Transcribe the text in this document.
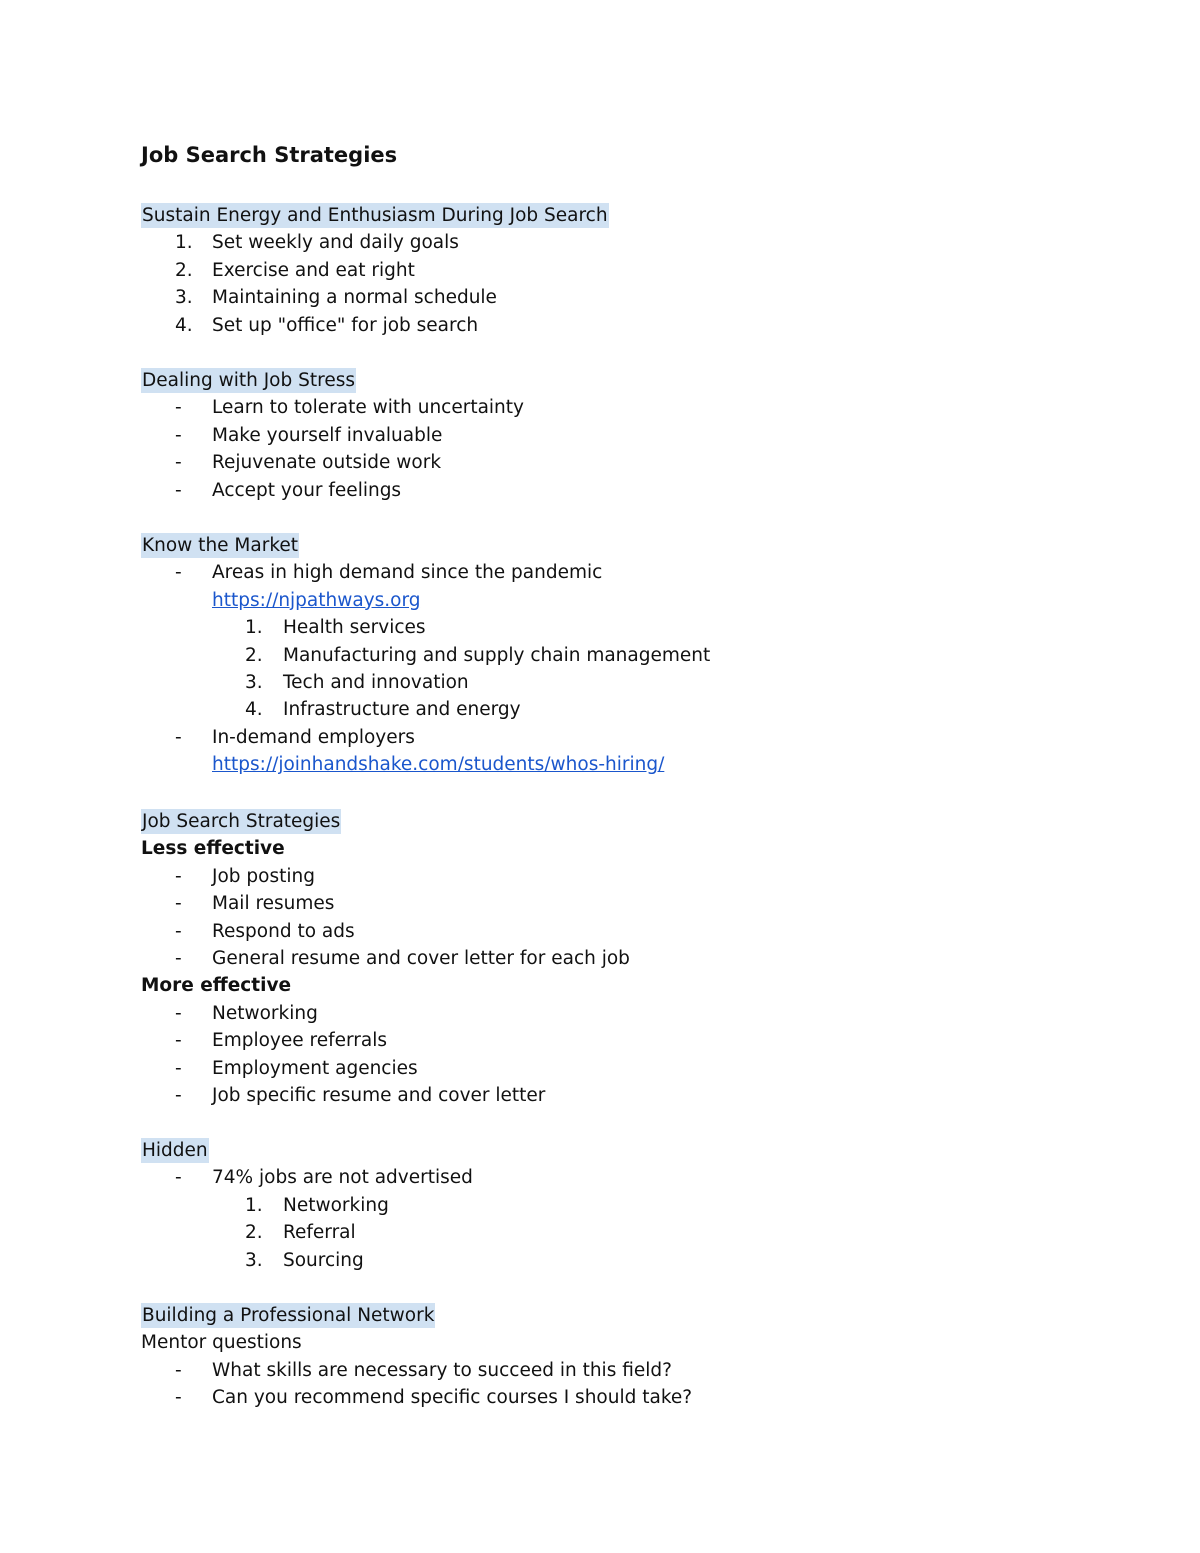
Job Search Strategies
Sustain Energy and Enthusiasm During Job Search
1.	Set weekly and daily goals
2.	Exercise and eat right
3.	Maintaining a normal schedule
4.	Set up "office" for job search
Dealing with Job Stress
-	Learn to tolerate with uncertainty
-	Make yourself invaluable
-	Rejuvenate outside work
-	Accept your feelings
Know the Market
-	Areas in high demand since the pandemic
https://njpathways.org
1.	Health services
2.	Manufacturing and supply chain management
3.	Tech and innovation
4.	Infrastructure and energy
-	In-demand employers
https://joinhandshake.com/students/whos-hiring/
Job Search Strategies
Less effective
-	Job posting
-	Mail resumes
-	Respond to ads
-	General resume and cover letter for each job
More effective
-	Networking
-	Employee referrals
-	Employment agencies
-	Job specific resume and cover letter
Hidden
-	74% jobs are not advertised
1.	Networking
2.	Referral
3.	Sourcing
Building a Professional Network
Mentor questions
-	What skills are necessary to succeed in this field?
-	Can you recommend specific courses I should take?
